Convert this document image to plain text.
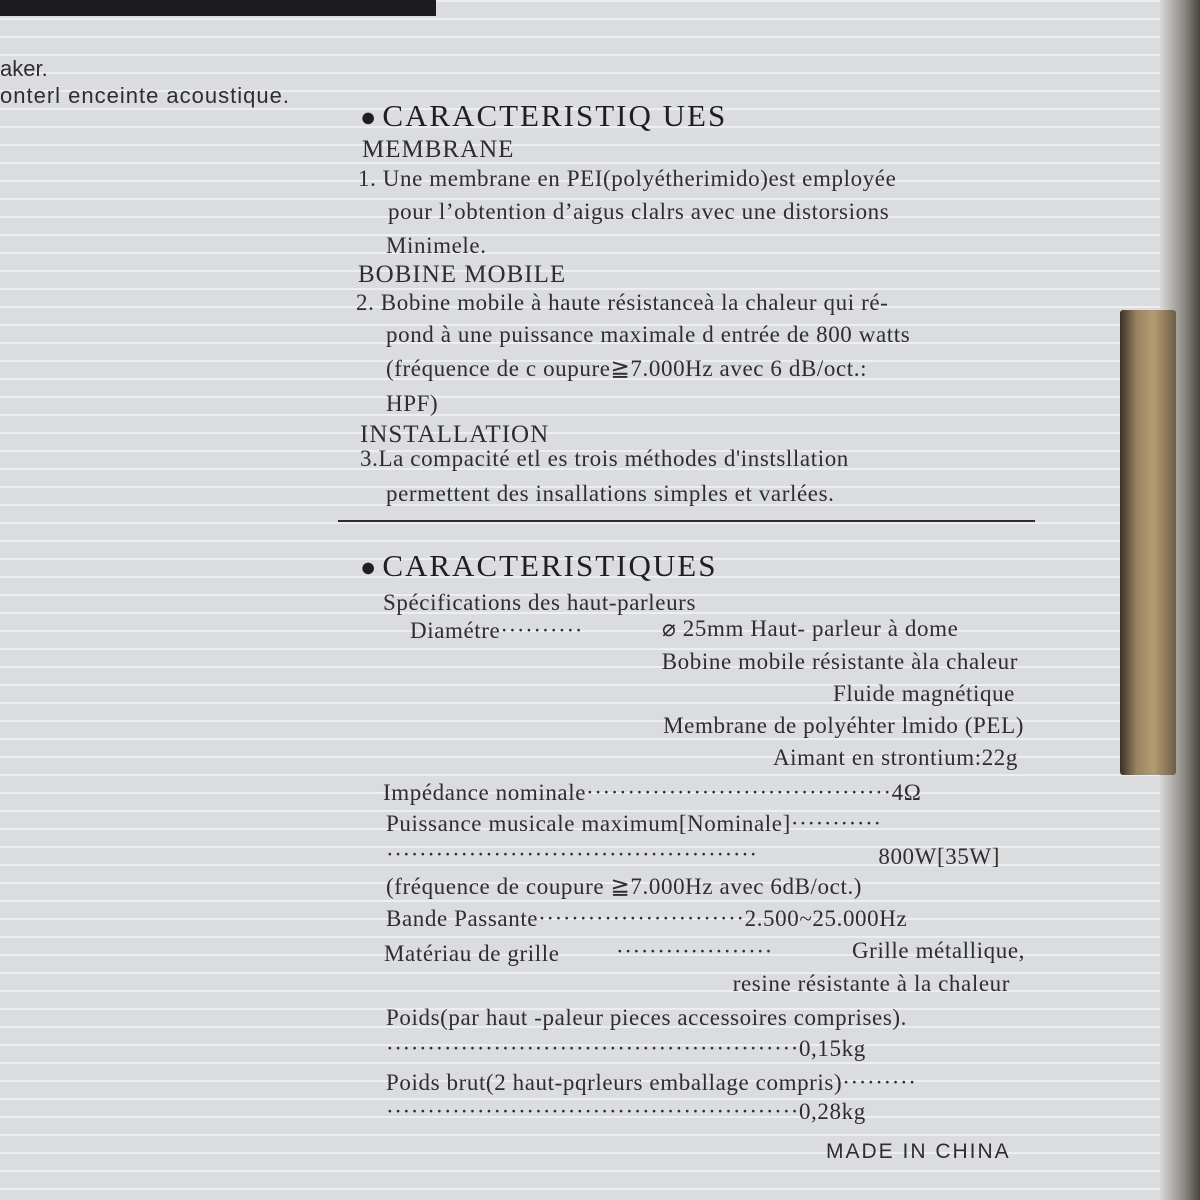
aker.
onterl enceinte acoustique.
● CARACTERISTIQ UES
MEMBRANE
1. Une membrane en PEI(polyétherimido)est employée
pour l’obtention d’aigus clalrs avec une distorsions
Minimele.
BOBINE MOBILE
2. Bobine mobile à haute résistanceà la chaleur qui ré-
pond à une puissance maximale d entrée de 800 watts
(fréquence de c oupure≧7.000Hz avec 6 dB/oct.:
HPF)
INSTALLATION
3.La compacité etl es trois méthodes d'instsllation
permettent des insallations simples et varlées.
● CARACTERISTIQUES
Spécifications des haut-parleurs
Diamétre··········	⌀ 25mm Haut- parleur à dome
Bobine mobile résistante àla chaleur
Fluide magnétique
Membrane de polyéhter lmido (PEL)
Aimant en strontium:22g
Impédance nominale·····································4Ω
Puissance musicale maximum[Nominale]···········
·············································	800W[35W]
(fréquence de coupure ≧7.000Hz avec 6dB/oct.)
Bande Passante·························2.500~25.000Hz
Matériau de grille ···················	Grille métallique,
resine résistante à la chaleur
Poids(par haut -paleur pieces accessoires comprises).
··················································0,15kg
Poids brut(2 haut-pqrleurs emballage compris)·········
··················································0,28kg
MADE IN CHINA
